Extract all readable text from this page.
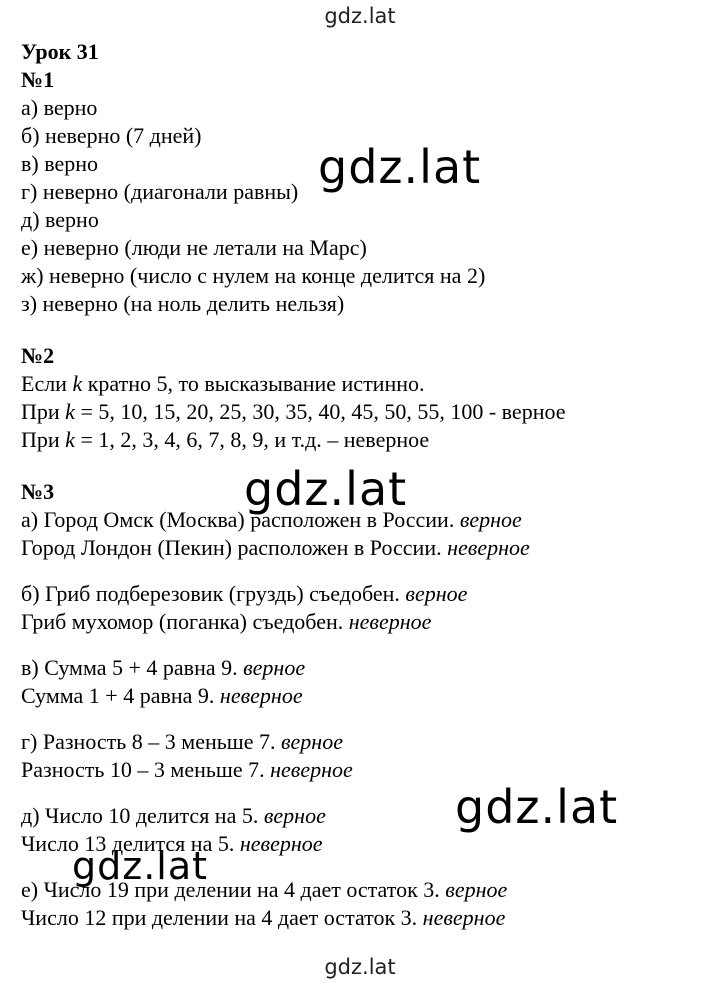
gdz.lat
Урок 31
№1
а) верно
б) неверно (7 дней)
в) верно
г) неверно (диагонали равны)
д) верно
е) неверно (люди не летали на Марс)
ж) неверно (число с нулем на конце делится на 2)
з) неверно (на ноль делить нельзя)
№2
Если k кратно 5, то высказывание истинно.
При k = 5, 10, 15, 20, 25, 30, 35, 40, 45, 50, 55, 100 - верное
При k = 1, 2, 3, 4, 6, 7, 8, 9, и т.д. – неверное
№3
а) Город Омск (Москва) расположен в России. верное
Город Лондон (Пекин) расположен в России. неверное
б) Гриб подберезовик (груздь) съедобен. верное
Гриб мухомор (поганка) съедобен. неверное
в) Сумма 5 + 4 равна 9. верное
Сумма 1 + 4 равна 9. неверное
г) Разность 8 – 3 меньше 7. верное
Разность 10 – 3 меньше 7. неверное
д) Число 10 делится на 5. верное
Число 13 делится на 5. неверное
е) Число 19 при делении на 4 дает остаток 3. верное
Число 12 при делении на 4 дает остаток 3. неверное
gdz.lat
gdz.lat
gdz.lat
gdz.lat
gdz.lat
